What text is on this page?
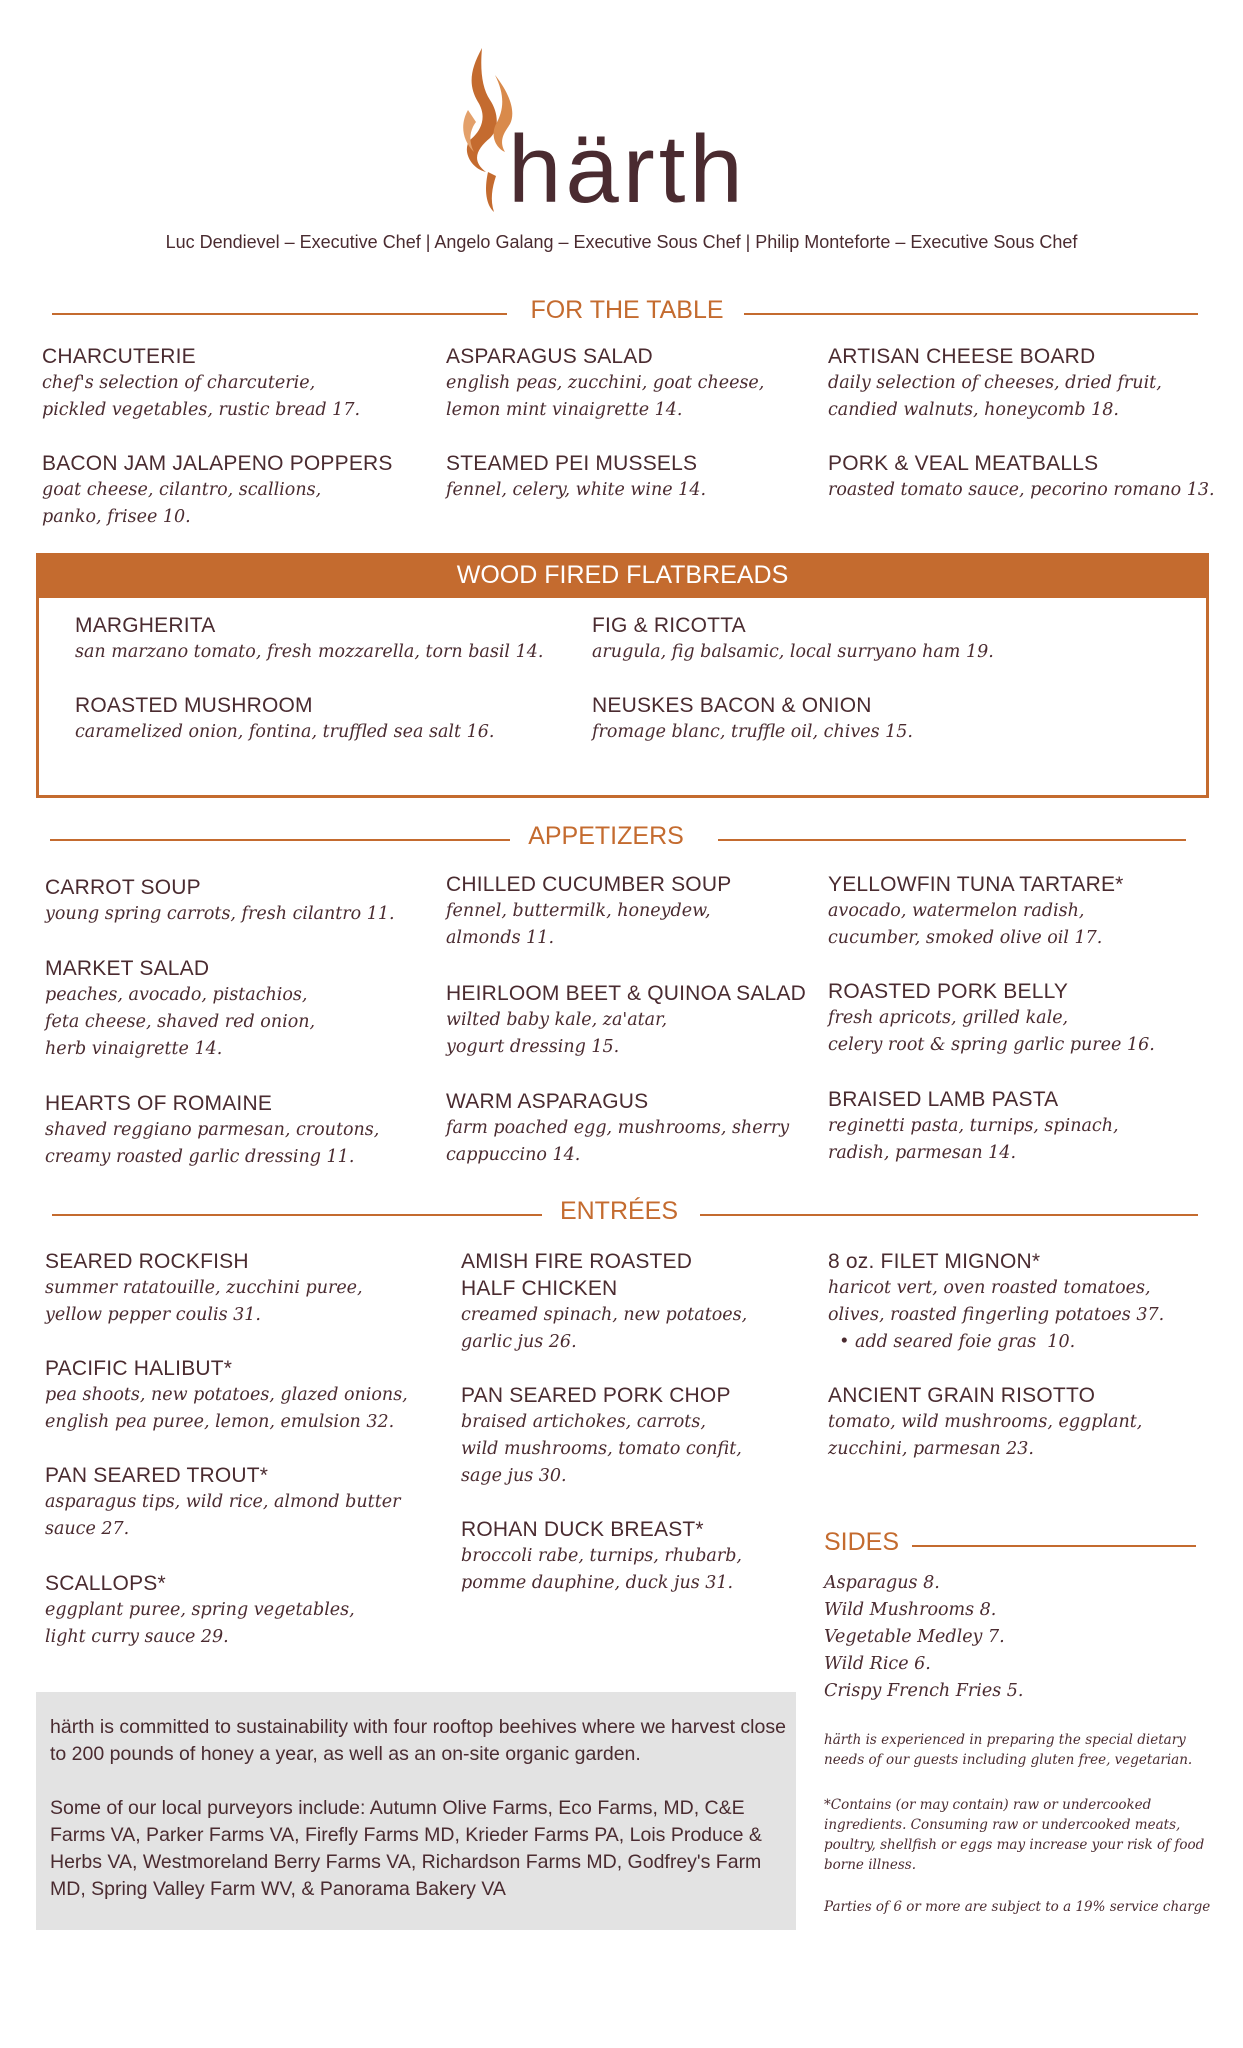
härth
Luc Dendievel – Executive Chef | Angelo Galang – Executive Sous Chef | Philip Monteforte – Executive Sous Chef
FOR THE TABLE
CHARCUTERIE
chef's selection of charcuterie,
pickled vegetables, rustic bread 17.
ASPARAGUS SALAD
english peas, zucchini, goat cheese,
lemon mint vinaigrette 14.
ARTISAN CHEESE BOARD
daily selection of cheeses, dried fruit,
candied walnuts, honeycomb 18.
BACON JAM JALAPENO POPPERS
goat cheese, cilantro, scallions,
panko, frisee 10.
STEAMED PEI MUSSELS
fennel, celery, white wine 14.
PORK & VEAL MEATBALLS
roasted tomato sauce, pecorino romano 13.
WOOD FIRED FLATBREADS
MARGHERITA
san marzano tomato, fresh mozzarella, torn basil 14.
FIG & RICOTTA
arugula, fig balsamic, local surryano ham 19.
ROASTED MUSHROOM
caramelized onion, fontina, truffled sea salt 16.
NEUSKES BACON & ONION
fromage blanc, truffle oil, chives 15.
APPETIZERS
CARROT SOUP
young spring carrots, fresh cilantro 11.
CHILLED CUCUMBER SOUP
fennel, buttermilk, honeydew,
almonds 11.
YELLOWFIN TUNA TARTARE*
avocado, watermelon radish,
cucumber, smoked olive oil 17.
MARKET SALAD
peaches, avocado, pistachios,
feta cheese, shaved red onion,
herb vinaigrette 14.
HEIRLOOM BEET & QUINOA SALAD
wilted baby kale, za'atar,
yogurt dressing 15.
ROASTED PORK BELLY
fresh apricots, grilled kale,
celery root & spring garlic puree 16.
HEARTS OF ROMAINE
shaved reggiano parmesan, croutons,
creamy roasted garlic dressing 11.
WARM ASPARAGUS
farm poached egg, mushrooms, sherry
cappuccino 14.
BRAISED LAMB PASTA
reginetti pasta, turnips, spinach,
radish, parmesan 14.
ENTRÉES
SEARED ROCKFISH
summer ratatouille, zucchini puree,
yellow pepper coulis 31.
AMISH FIRE ROASTED
HALF CHICKEN
creamed spinach, new potatoes,
garlic jus 26.
8 oz. FILET MIGNON*
haricot vert, oven roasted tomatoes,
olives, roasted fingerling potatoes 37.
• add seared foie gras  10.
PACIFIC HALIBUT*
pea shoots, new potatoes, glazed onions,
english pea puree, lemon, emulsion 32.
PAN SEARED PORK CHOP
braised artichokes, carrots,
wild mushrooms, tomato confit,
sage jus 30.
ANCIENT GRAIN RISOTTO
tomato, wild mushrooms, eggplant,
zucchini, parmesan 23.
PAN SEARED TROUT*
asparagus tips, wild rice, almond butter
sauce 27.	ROHAN DUCK BREAST*
broccoli rabe, turnips, rhubarb,
pomme dauphine, duck jus 31.
SCALLOPS*
eggplant puree, spring vegetables,
light curry sauce 29.
SIDES
Asparagus 8.
Wild Mushrooms 8.
Vegetable Medley 7.
Wild Rice 6.
Crispy French Fries 5.

härth is committed to sustainability with four rooftop beehives where we harvest close to 200 pounds of honey a year, as well as an on-site organic garden.

Some of our local purveyors include: Autumn Olive Farms, Eco Farms, MD, C&E Farms VA, Parker Farms VA, Firefly Farms MD, Krieder Farms PA, Lois Produce & Herbs VA, Westmoreland Berry Farms VA, Richardson Farms MD, Godfrey's Farm MD, Spring Valley Farm WV, & Panorama Bakery VA

härth is experienced in preparing the special dietary
needs of our guests including gluten free, vegetarian.
*Contains (or may contain) raw or undercooked
ingredients. Consuming raw or undercooked meats,
poultry, shellfish or eggs may increase your risk of food
borne illness.
Parties of 6 or more are subject to a 19% service charge
